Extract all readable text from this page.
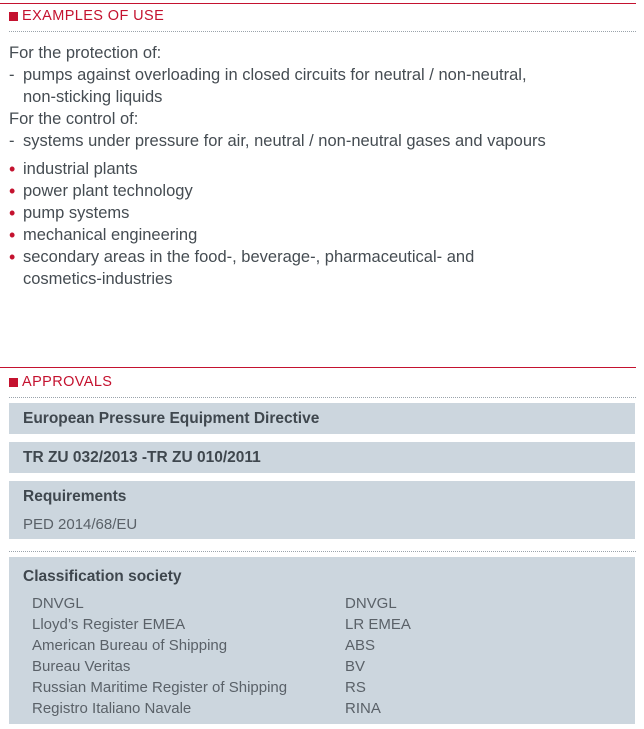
EXAMPLES OF USE
For the protection of:
- pumps against overloading in closed circuits for neutral / non-neutral,
non-sticking liquids
For the control of:
- systems under pressure for air, neutral / non-neutral gases and vapours
• industrial plants
• power plant technology
• pump systems
• mechanical engineering
• secondary areas in the food-, beverage-, pharmaceutical- and
cosmetics-industries
APPROVALS
European Pressure Equipment Directive
TR ZU 032/2013 -TR ZU 010/2011
Requirements
PED 2014/68/EU
Classification society
DNVGL	DNVGL
Lloyd’s Register EMEA	LR EMEA
American Bureau of Shipping	ABS
Bureau Veritas	BV
Russian Maritime Register of Shipping	RS
Registro Italiano Navale	RINA
